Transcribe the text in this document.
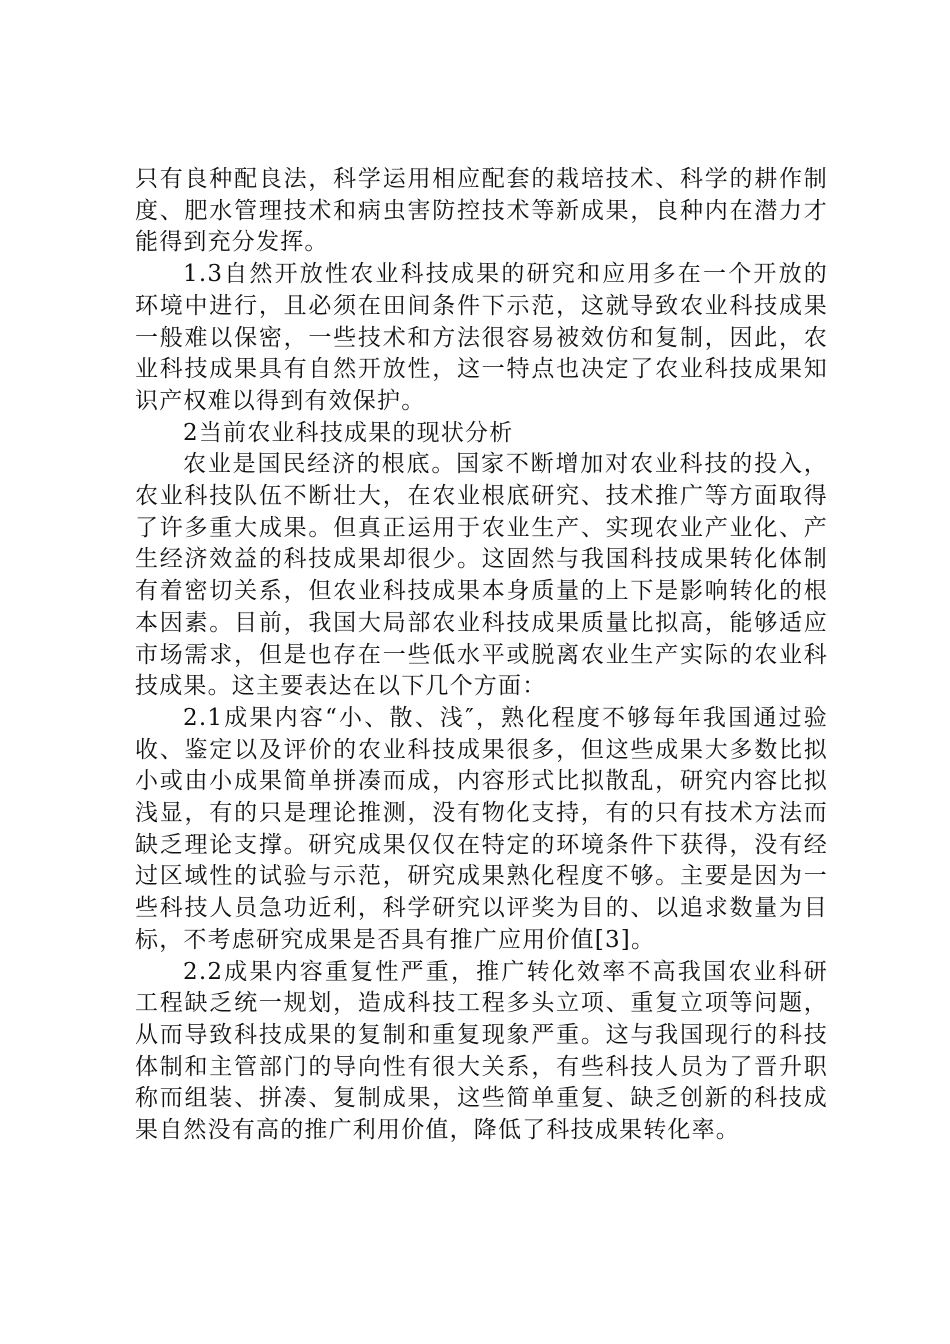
只有良种配良法，科学运用相应配套的栽培技术、科学的耕作制度、肥水管理技术和病虫害防控技术等新成果，良种内在潜力才能得到充分发挥。

1.3自然开放性农业科技成果的研究和应用多在一个开放的环境中进行，且必须在田间条件下示范，这就导致农业科技成果一般难以保密，一些技术和方法很容易被效仿和复制，因此，农业科技成果具有自然开放性，这一特点也决定了农业科技成果知识产权难以得到有效保护。

2当前农业科技成果的现状分析

农业是国民经济的根底。国家不断增加对农业科技的投入，农业科技队伍不断壮大，在农业根底研究、技术推广等方面取得了许多重大成果。但真正运用于农业生产、实现农业产业化、产生经济效益的科技成果却很少。这固然与我国科技成果转化体制有着密切关系，但农业科技成果本身质量的上下是影响转化的根本因素。目前，我国大局部农业科技成果质量比拟高，能够适应市场需求，但是也存在一些低水平或脱离农业生产实际的农业科技成果。这主要表达在以下几个方面：

2.1成果内容“小、散、浅″，熟化程度不够每年我国通过验收、鉴定以及评价的农业科技成果很多，但这些成果大多数比拟小或由小成果简单拼凑而成，内容形式比拟散乱，研究内容比拟浅显，有的只是理论推测，没有物化支持，有的只有技术方法而缺乏理论支撑。研究成果仅仅在特定的环境条件下获得，没有经过区域性的试验与示范，研究成果熟化程度不够。主要是因为一些科技人员急功近利，科学研究以评奖为目的、以追求数量为目标，不考虑研究成果是否具有推广应用价值[3]。

2.2成果内容重复性严重，推广转化效率不高我国农业科研工程缺乏统一规划，造成科技工程多头立项、重复立项等问题，从而导致科技成果的复制和重复现象严重。这与我国现行的科技体制和主管部门的导向性有很大关系，有些科技人员为了晋升职称而组装、拼凑、复制成果，这些简单重复、缺乏创新的科技成果自然没有高的推广利用价值，降低了科技成果转化率。
